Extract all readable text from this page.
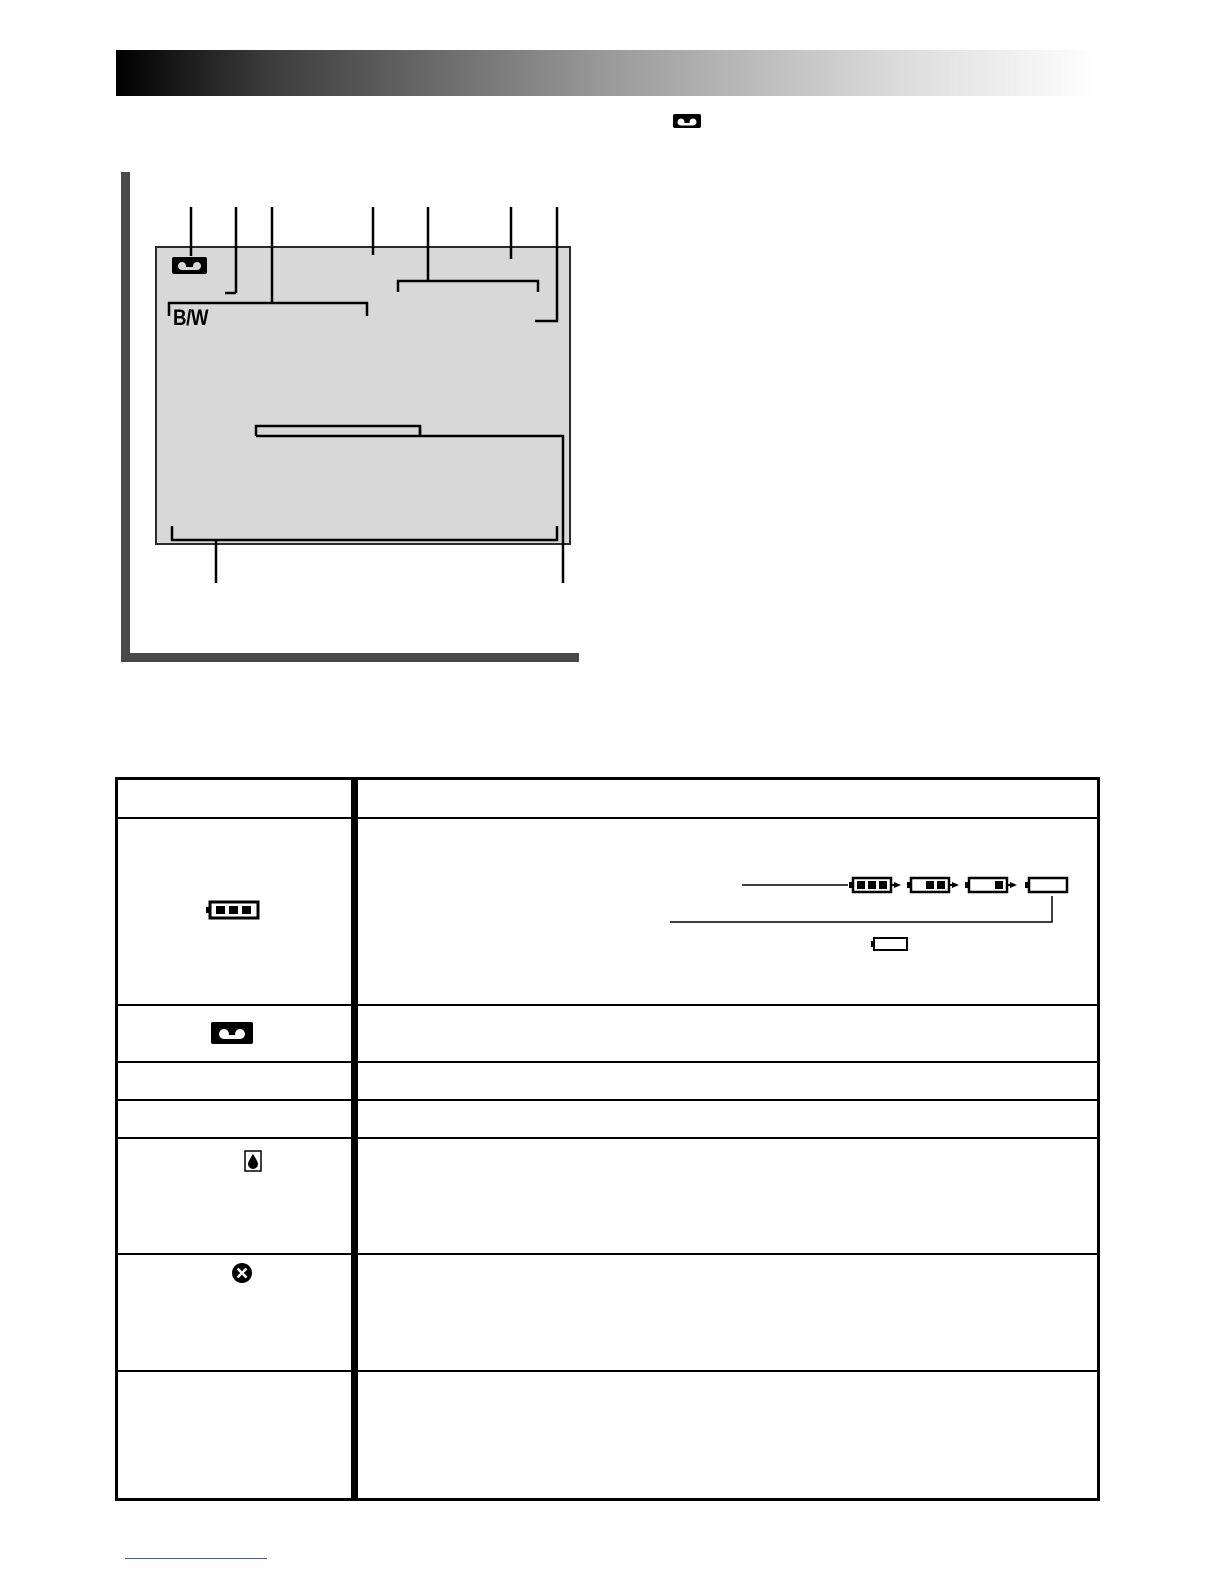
B/W
